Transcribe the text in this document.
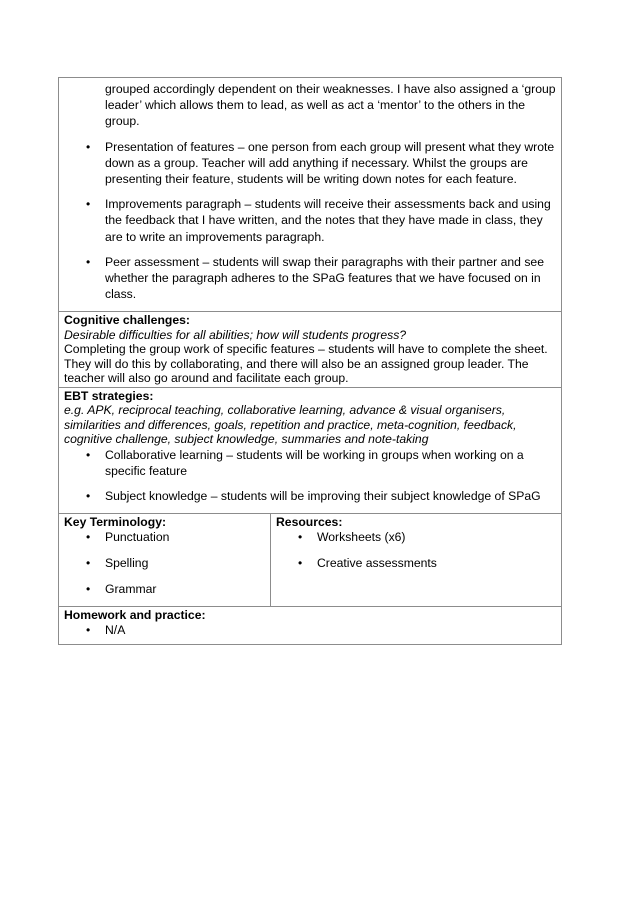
grouped accordingly dependent on their weaknesses. I have also assigned a ‘group leader’ which allows them to lead, as well as act a ‘mentor’ to the others in the group.

• Presentation of features – one person from each group will present what they wrote down as a group. Teacher will add anything if necessary. Whilst the groups are presenting their feature, students will be writing down notes for each feature.
• Improvements paragraph – students will receive their assessments back and using the feedback that I have written, and the notes that they have made in class, they are to write an improvements paragraph.
• Peer assessment – students will swap their paragraphs with their partner and see whether the paragraph adheres to the SPaG features that we have focused on in class.

Cognitive challenges:
Desirable difficulties for all abilities; how will students progress?
Completing the group work of specific features – students will have to complete the sheet. They will do this by collaborating, and there will also be an assigned group leader. The teacher will also go around and facilitate each group.

EBT strategies:
e.g. APK, reciprocal teaching, collaborative learning, advance & visual organisers, similarities and differences, goals, repetition and practice, meta-cognition, feedback, cognitive challenge, subject knowledge, summaries and note-taking
• Collaborative learning – students will be working in groups when working on a specific feature
• Subject knowledge – students will be improving their subject knowledge of SPaG

Key Terminology:
• Punctuation
• Spelling
• Grammar

Resources:
• Worksheets (x6)
• Creative assessments

Homework and practice:
• N/A
